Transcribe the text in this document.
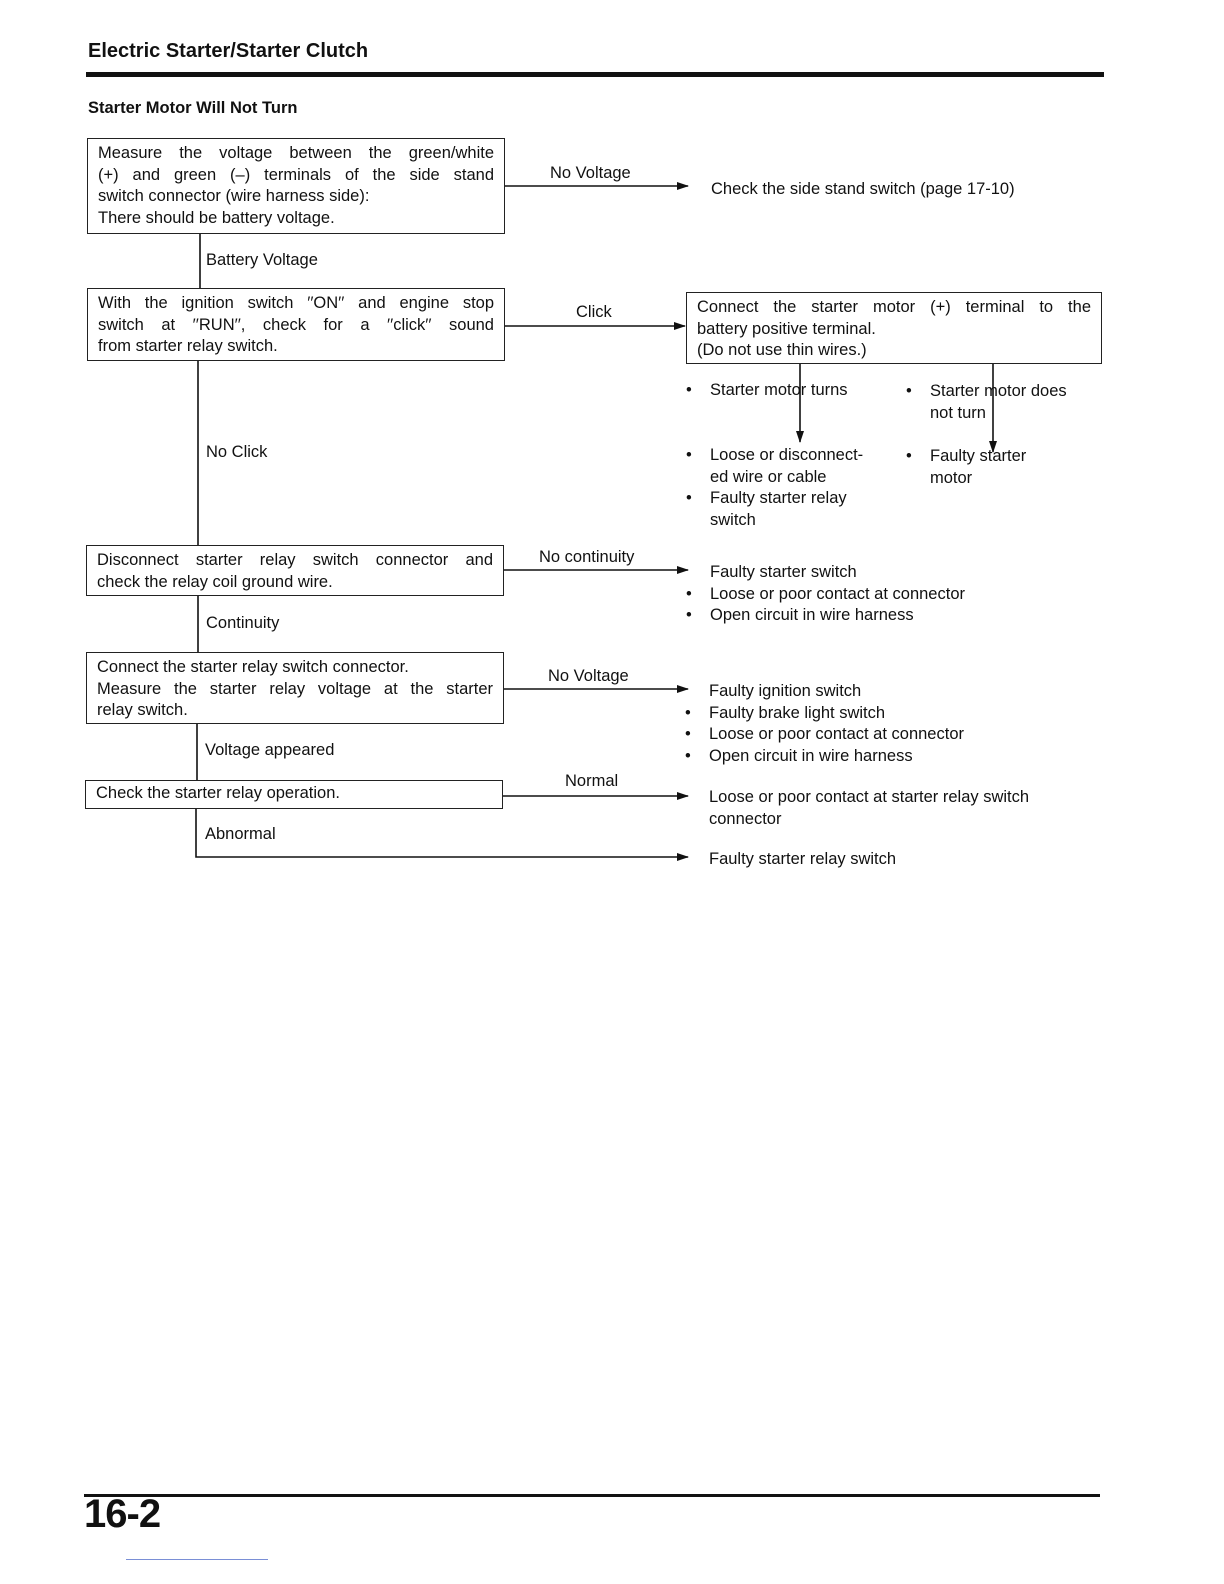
Electric Starter/Starter Clutch
Starter Motor Will Not Turn
Measure the voltage between the green/white
(+) and green (–) terminals of the side stand
switch connector (wire harness side):
There should be battery voltage.
With the ignition switch ′′ON′′ and engine stop
switch at ′′RUN′′, check for a ′′click′′ sound
from starter relay switch.
Disconnect starter relay switch connector and
check the relay coil ground wire.
Connect the starter relay switch connector.
Measure the starter relay voltage at the starter
relay switch.
Check the starter relay operation.
Connect the starter motor (+) terminal to the
battery positive terminal.
(Do not use thin wires.)
No Voltage
Battery Voltage
Click
No Click
No continuity
Continuity
No Voltage
Voltage appeared
Normal
Abnormal
Check the side stand switch (page 17-10)
• Starter motor turns	• Starter motor does
not turn
• Loose or disconnect-
ed wire or cable
• Faulty starter relay
switch
• Faulty starter
motor
Faulty starter switch
• Loose or poor contact at connector
• Open circuit in wire harness
Faulty ignition switch
• Faulty brake light switch
• Loose or poor contact at connector
• Open circuit in wire harness
Loose or poor contact at starter relay switch
connector
Faulty starter relay switch
16-2
